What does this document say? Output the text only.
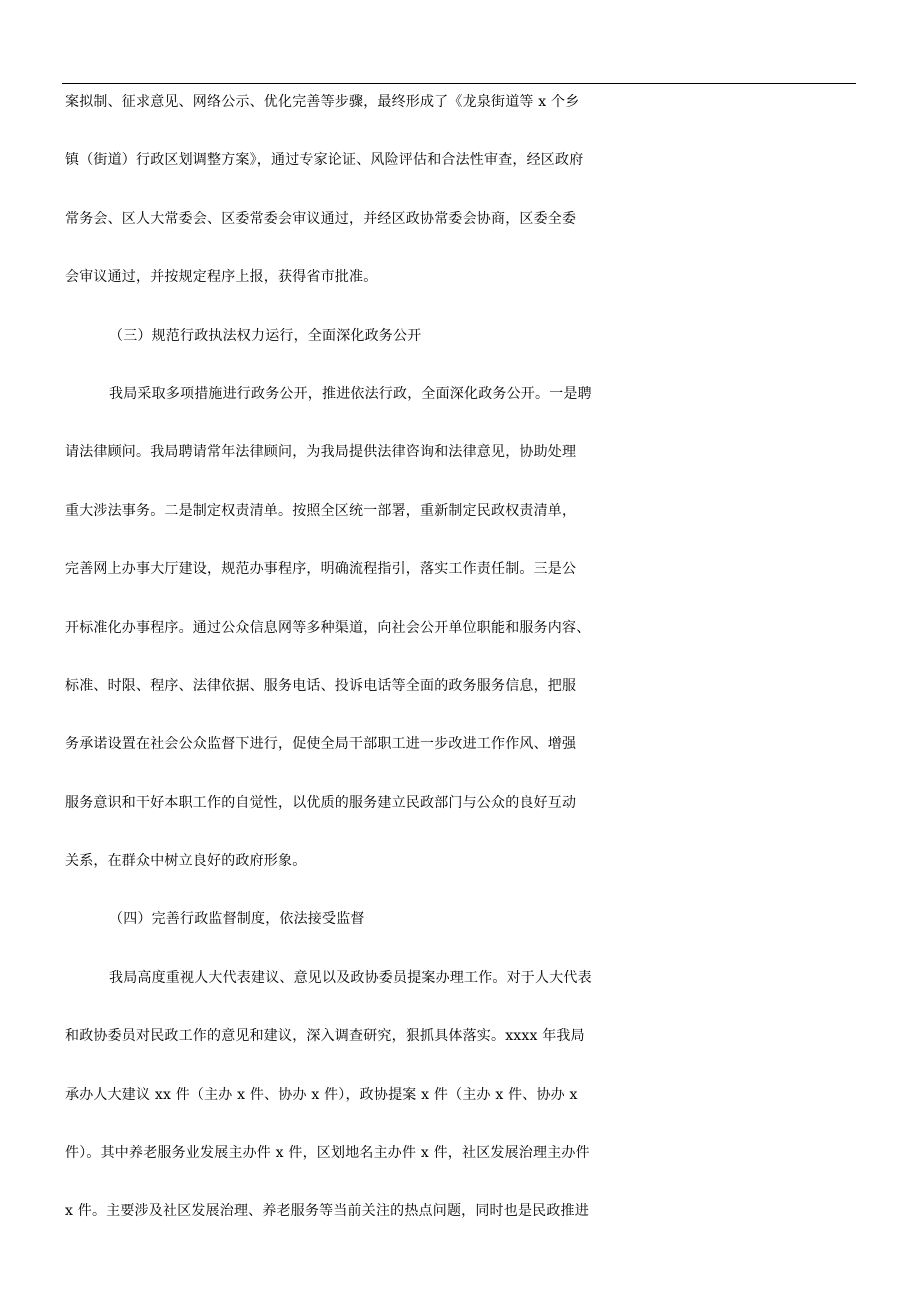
案拟制、征求意见、网络公示、优化完善等步骤，最终形成了《龙泉街道等 x 个乡
镇（街道）行政区划调整方案》，通过专家论证、风险评估和合法性审查，经区政府
常务会、区人大常委会、区委常委会审议通过，并经区政协常委会协商，区委全委
会审议通过，并按规定程序上报，获得省市批准。
（三）规范行政执法权力运行，全面深化政务公开
我局采取多项措施进行政务公开，推进依法行政，全面深化政务公开。一是聘
请法律顾问。我局聘请常年法律顾问，为我局提供法律咨询和法律意见，协助处理
重大涉法事务。二是制定权责清单。按照全区统一部署，重新制定民政权责清单，
完善网上办事大厅建设，规范办事程序，明确流程指引，落实工作责任制。三是公
开标准化办事程序。通过公众信息网等多种渠道，向社会公开单位职能和服务内容、
标准、时限、程序、法律依据、服务电话、投诉电话等全面的政务服务信息，把服
务承诺设置在社会公众监督下进行，促使全局干部职工进一步改进工作作风、增强
服务意识和干好本职工作的自觉性，以优质的服务建立民政部门与公众的良好互动
关系，在群众中树立良好的政府形象。
（四）完善行政监督制度，依法接受监督
我局高度重视人大代表建议、意见以及政协委员提案办理工作。对于人大代表
和政协委员对民政工作的意见和建议，深入调查研究，狠抓具体落实。xxxx 年我局
承办人大建议 xx 件（主办 x 件、协办 x 件），政协提案 x 件（主办 x 件、协办 x
件）。其中养老服务业发展主办件 x 件，区划地名主办件 x 件，社区发展治理主办件
x 件。主要涉及社区发展治理、养老服务等当前关注的热点问题，同时也是民政推进
